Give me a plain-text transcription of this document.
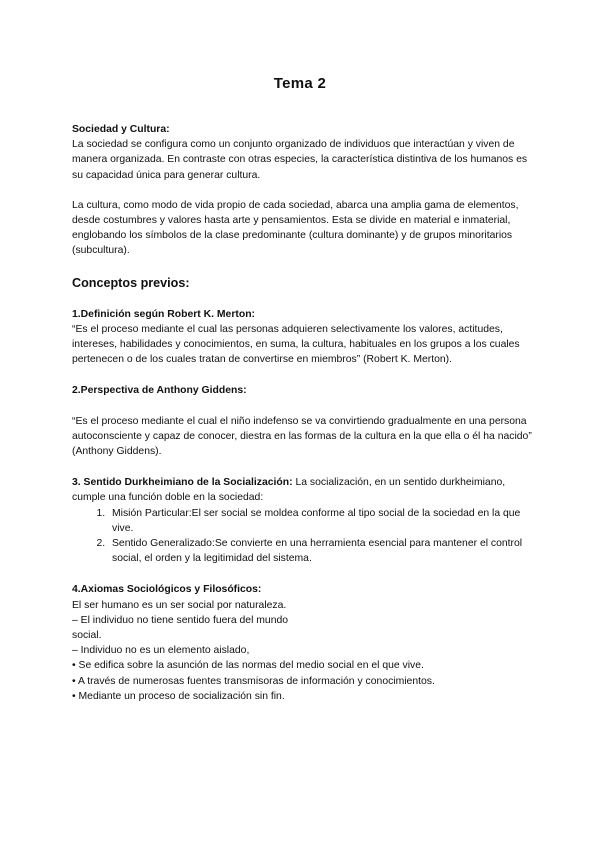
Tema 2

Sociedad y Cultura:

La sociedad se configura como un conjunto organizado de individuos que interactúan y viven de manera organizada. En contraste con otras especies, la característica distintiva de los humanos es su capacidad única para generar cultura.

La cultura, como modo de vida propio de cada sociedad, abarca una amplia gama de elementos, desde costumbres y valores hasta arte y pensamientos. Esta se divide en material e inmaterial, englobando los símbolos de la clase predominante (cultura dominante) y de grupos minoritarios (subcultura).

Conceptos previos:

1.Definición según Robert K. Merton:

“Es el proceso mediante el cual las personas adquieren selectivamente los valores, actitudes, intereses, habilidades y conocimientos, en suma, la cultura, habituales en los grupos a los cuales pertenecen o de los cuales tratan de convertirse en miembros” (Robert K. Merton).

2.Perspectiva de Anthony Giddens:

“Es el proceso mediante el cual el niño indefenso se va convirtiendo gradualmente en una persona autoconsciente y capaz de conocer, diestra en las formas de la cultura en la que ella o él ha nacido” (Anthony Giddens).

3. Sentido Durkheimiano de la Socialización: La socialización, en un sentido durkheimiano, cumple una función doble en la sociedad:

1. Misión Particular:El ser social se moldea conforme al tipo social de la sociedad en la que vive.
2. Sentido Generalizado:Se convierte en una herramienta esencial para mantener el control social, el orden y la legitimidad del sistema.

4.Axiomas Sociológicos y Filosóficos:

El ser humano es un ser social por naturaleza.

– El individuo no tiene sentido fuera del mundo

social.

– Individuo no es un elemento aislado,

• Se edifica sobre la asunción de las normas del medio social en el que vive.

• A través de numerosas fuentes transmisoras de información y conocimientos.

• Mediante un proceso de socialización sin fin.
